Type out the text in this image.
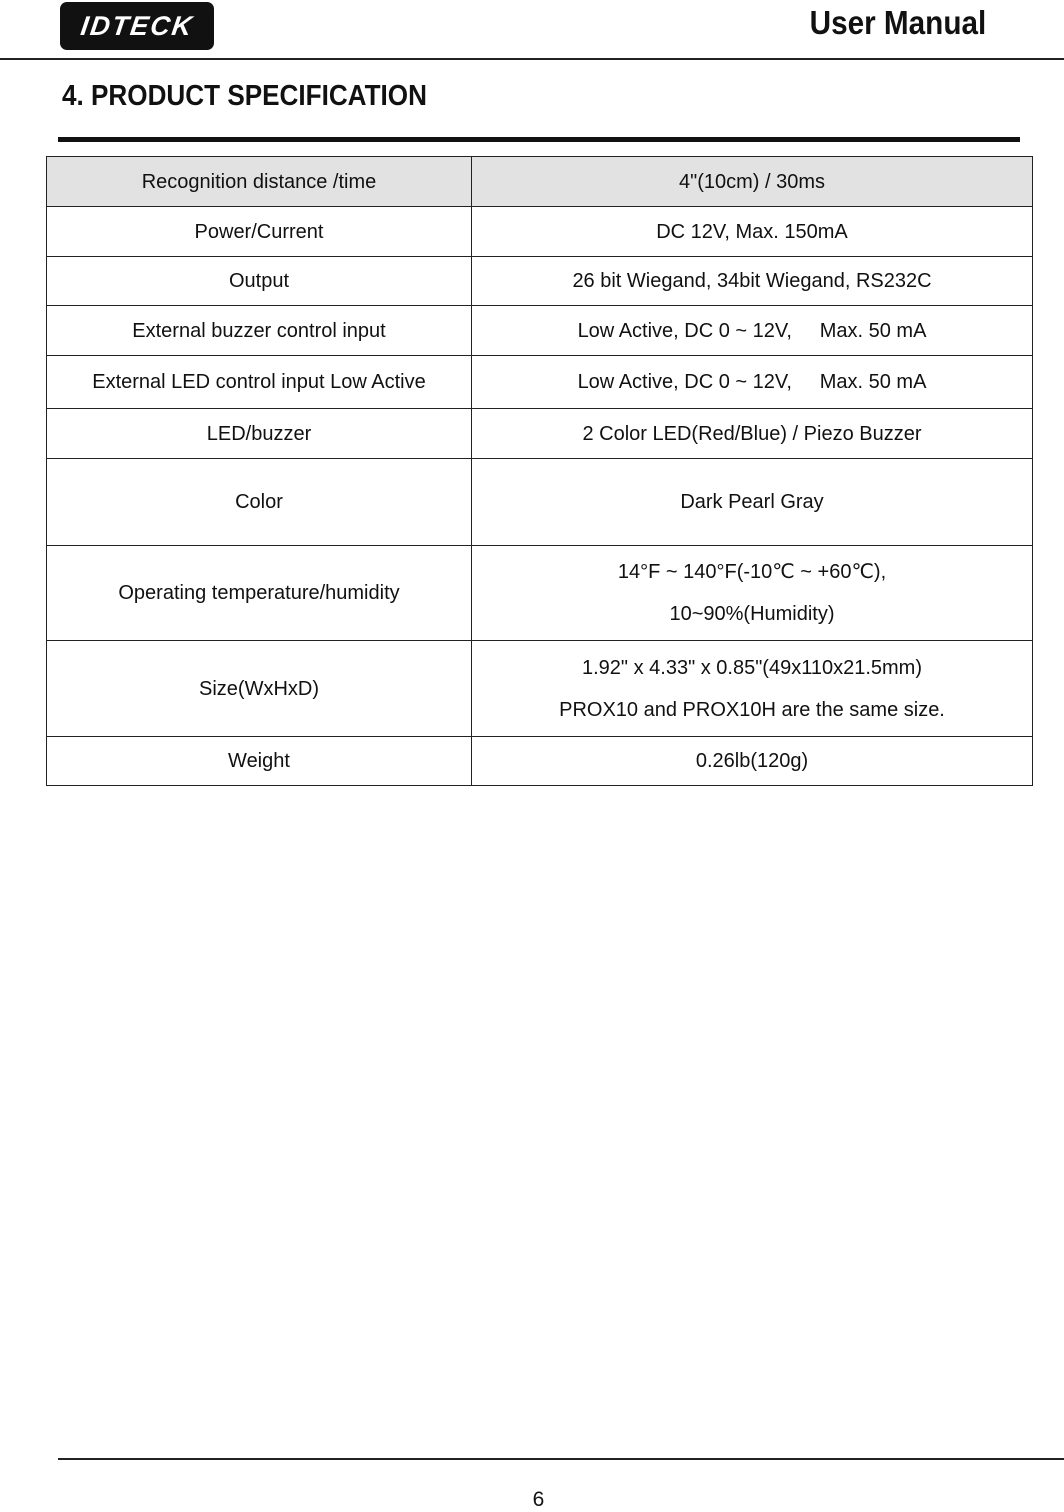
IDTECK	User Manual
4. PRODUCT SPECIFICATION
Recognition distance /time	4"(10cm) / 30ms
Power/Current	DC 12V, Max. 150mA
Output	26 bit Wiegand, 34bit Wiegand, RS232C
External buzzer control input	Low Active, DC 0 ~ 12V,     Max. 50 mA
External LED control input Low Active	Low Active, DC 0 ~ 12V,     Max. 50 mA
LED/buzzer	2 Color LED(Red/Blue) / Piezo Buzzer
Color	Dark Pearl Gray
Operating temperature/humidity	14°F ~ 140°F(-10℃ ~ +60℃),
10~90%(Humidity)

Size(WxHxD)	1.92" x 4.33" x 0.85"(49x110x21.5mm)
PROX10 and PROX10H are the same size.

Weight	0.26lb(120g)
6
